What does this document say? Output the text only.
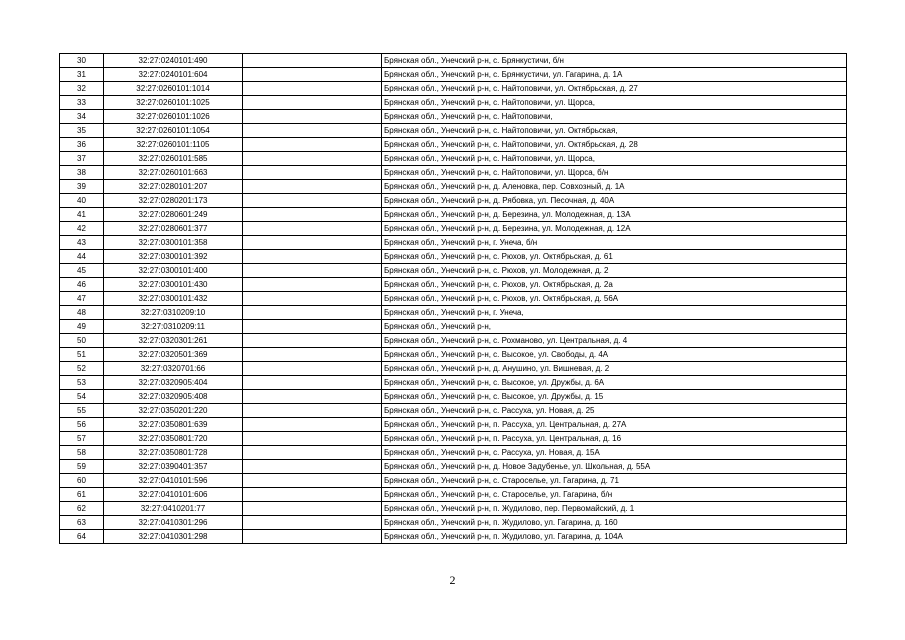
30	32:27:0240101:490		Брянская обл., Унечский р-н, с. Брянкустичи, б/н
31	32:27:0240101:604		Брянская обл., Унечский р-н, с. Брянкустичи, ул. Гагарина, д. 1А
32	32:27:0260101:1014		Брянская обл., Унечский р-н, с. Найтоповичи, ул. Октябрьская, д. 27
33	32:27:0260101:1025		Брянская обл., Унечский р-н, с. Найтоповичи, ул. Щорса,
34	32:27:0260101:1026		Брянская обл., Унечский р-н, с. Найтоповичи,
35	32:27:0260101:1054		Брянская обл., Унечский р-н, с. Найтоповичи, ул. Октябрьская,
36	32:27:0260101:1105		Брянская обл., Унечский р-н, с. Найтоповичи, ул. Октябрьская, д. 28
37	32:27:0260101:585		Брянская обл., Унечский р-н, с. Найтоповичи, ул. Щорса,
38	32:27:0260101:663		Брянская обл., Унечский р-н, с. Найтоповичи, ул. Щорса, б/н
39	32:27:0280101:207		Брянская обл., Унечский р-н, д. Аленовка, пер. Совхозный, д. 1А
40	32:27:0280201:173		Брянская обл., Унечский р-н, д. Рябовка, ул. Песочная, д. 40А
41	32:27:0280601:249		Брянская обл., Унечский р-н, д. Березина, ул. Молодежная, д. 13А
42	32:27:0280601:377		Брянская обл., Унечский р-н, д. Березина, ул. Молодежная, д. 12А
43	32:27:0300101:358		Брянская обл., Унечский р-н, г. Унеча, б/н
44	32:27:0300101:392		Брянская обл., Унечский р-н, с. Рюхов, ул. Октябрьская, д. 61
45	32:27:0300101:400		Брянская обл., Унечский р-н, с. Рюхов, ул. Молодежная, д. 2
46	32:27:0300101:430		Брянская обл., Унечский р-н, с. Рюхов, ул. Октябрьская, д. 2а
47	32:27:0300101:432		Брянская обл., Унечский р-н, с. Рюхов, ул. Октябрьская, д. 56А
48	32:27:0310209:10		Брянская обл., Унечский р-н, г. Унеча,
49	32:27:0310209:11		Брянская обл., Унечский р-н,
50	32:27:0320301:261		Брянская обл., Унечский р-н, с. Рохманово, ул. Центральная, д. 4
51	32:27:0320501:369		Брянская обл., Унечский р-н, с. Высокое, ул. Свободы, д. 4А
52	32:27:0320701:66		Брянская обл., Унечский р-н, д. Анушино, ул. Вишневая, д. 2
53	32:27:0320905:404		Брянская обл., Унечский р-н, с. Высокое, ул. Дружбы, д. 6А
54	32:27:0320905:408		Брянская обл., Унечский р-н, с. Высокое, ул. Дружбы, д. 15
55	32:27:0350201:220		Брянская обл., Унечский р-н, с. Рассуха, ул. Новая, д. 25
56	32:27:0350801:639		Брянская обл., Унечский р-н, п. Рассуха, ул. Центральная, д. 27А
57	32:27:0350801:720		Брянская обл., Унечский р-н, п. Рассуха, ул. Центральная, д. 16
58	32:27:0350801:728		Брянская обл., Унечский р-н, с. Рассуха, ул. Новая, д. 15А
59	32:27:0390401:357		Брянская обл., Унечский р-н, д. Новое Задубенье, ул. Школьная, д. 55А
60	32:27:0410101:596		Брянская обл., Унечский р-н, с. Староселье, ул. Гагарина, д. 71
61	32:27:0410101:606		Брянская обл., Унечский р-н, с. Староселье, ул. Гагарина, б/н
62	32:27:0410201:77		Брянская обл., Унечский р-н, п. Жудилово, пер. Первомайский, д. 1
63	32:27:0410301:296		Брянская обл., Унечский р-н, п. Жудилово, ул. Гагарина, д. 160
64	32:27:0410301:298		Брянская обл., Унечский р-н, п. Жудилово, ул. Гагарина, д. 104А
2
